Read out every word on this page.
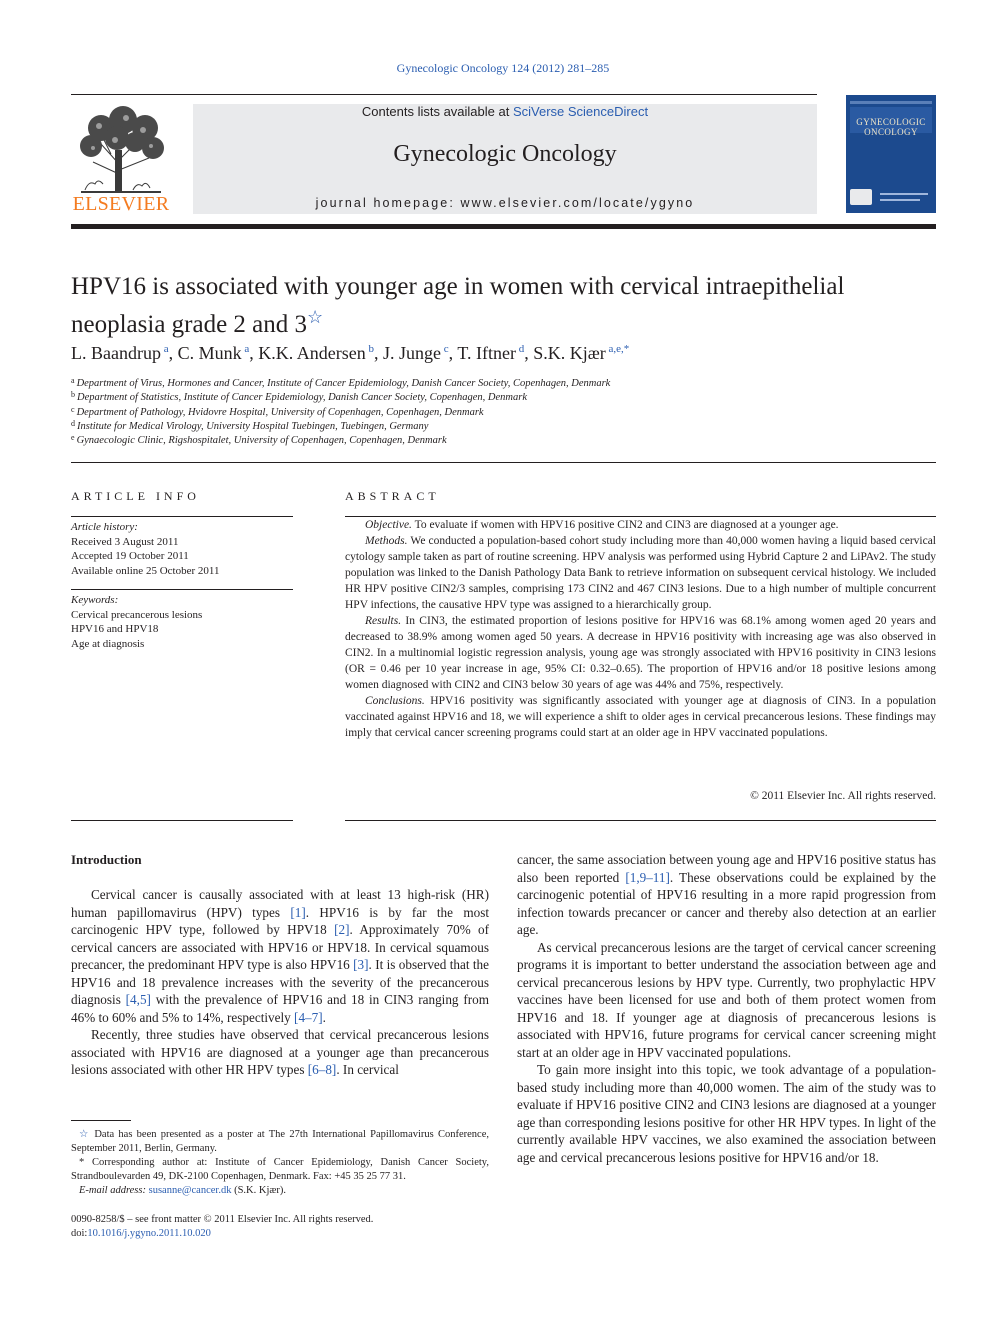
Gynecologic Oncology 124 (2012) 281–285
ELSEVIER
Contents lists available at SciVerse ScienceDirect
Gynecologic Oncology
journal homepage: www.elsevier.com/locate/ygyno
GYNECOLOGIC
ONCOLOGY
HPV16 is associated with younger age in women with cervical intraepithelial
neoplasia grade 2 and 3☆
L. Baandrup $^a$, C. Munk $^a$, K.K. Andersen $^b$, J. Junge $^c$, T. Iftner $^d$, S.K. Kjær $^{a,e,*}$
$^a$ Department of Virus, Hormones and Cancer, Institute of Cancer Epidemiology, Danish Cancer Society, Copenhagen, Denmark
$^b$ Department of Statistics, Institute of Cancer Epidemiology, Danish Cancer Society, Copenhagen, Denmark
$^c$ Department of Pathology, Hvidovre Hospital, University of Copenhagen, Copenhagen, Denmark
$^d$ Institute for Medical Virology, University Hospital Tuebingen, Tuebingen, Germany
$^e$ Gynaecologic Clinic, Rigshospitalet, University of Copenhagen, Copenhagen, Denmark
ARTICLE INFO
Article history:
Received 3 August 2011
Accepted 19 October 2011
Available online 25 October 2011
Keywords:
Cervical precancerous lesions
HPV16 and HPV18
Age at diagnosis
ABSTRACT

Objective. To evaluate if women with HPV16 positive CIN2 and CIN3 are diagnosed at a younger age.

Methods. We conducted a population-based cohort study including more than 40,000 women having a liquid based cervical cytology sample taken as part of routine screening. HPV analysis was performed using Hybrid Capture 2 and LiPAv2. The study population was linked to the Danish Pathology Data Bank to retrieve information on subsequent cervical histology. We included HR HPV positive CIN2/3 samples, comprising 173 CIN2 and 467 CIN3 lesions. Due to a high number of multiple concurrent HPV infections, the causative HPV type was assigned to a hierarchically group.

Results. In CIN3, the estimated proportion of lesions positive for HPV16 was 68.1% among women aged 20 years and decreased to 38.9% among women aged 50 years. A decrease in HPV16 positivity with increasing age was also observed in CIN2. In a multinomial logistic regression analysis, young age was strongly associated with HPV16 positivity in CIN3 lesions (OR = 0.46 per 10 year increase in age, 95% CI: 0.32–0.65). The proportion of HPV16 and/or 18 positive lesions among women diagnosed with CIN2 and CIN3 below 30 years of age was 44% and 75%, respectively.

Conclusions. HPV16 positivity was significantly associated with younger age at diagnosis of CIN3. In a population vaccinated against HPV16 and 18, we will experience a shift to older ages in cervical precancerous lesions. These findings may imply that cervical cancer screening programs could start at an older age in HPV vaccinated populations.

© 2011 Elsevier Inc. All rights reserved.
Introduction

Cervical cancer is causally associated with at least 13 high-risk (HR) human papillomavirus (HPV) types [1]. HPV16 is by far the most carcinogenic HPV type, followed by HPV18 [2]. Approximately 70% of cervical cancers are associated with HPV16 or HPV18. In cervical squamous precancer, the predominant HPV type is also HPV16 [3]. It is observed that the HPV16 and 18 prevalence increases with the severity of the precancerous diagnosis [4,5] with the prevalence of HPV16 and 18 in CIN3 ranging from 46% to 60% and 5% to 14%, respectively [4–7].

Recently, three studies have observed that cervical precancerous lesions associated with HPV16 are diagnosed at a younger age than precancerous lesions associated with other HR HPV types [6–8]. In cervical

cancer, the same association between young age and HPV16 positive status has also been reported [1,9–11]. These observations could be explained by the carcinogenic potential of HPV16 resulting in a more rapid progression from infection towards precancer or cancer and thereby also detection at an earlier age.

As cervical precancerous lesions are the target of cervical cancer screening programs it is important to better understand the association between age and cervical precancerous lesions by HPV type. Currently, two prophylactic HPV vaccines have been licensed for use and both of them protect women from HPV16 and 18. If younger age at diagnosis of precancerous lesions is associated with HPV16, future programs for cervical cancer screening might start at an older age in HPV vaccinated populations.

To gain more insight into this topic, we took advantage of a population-based study including more than 40,000 women. The aim of the study was to evaluate if HPV16 positive CIN2 and CIN3 lesions are diagnosed at a younger age than corresponding lesions positive for other HR HPV types. In light of the currently available HPV vaccines, we also examined the association between age and cervical precancerous lesions positive for HPV16 and/or 18.

☆ Data has been presented as a poster at The 27th International Papillomavirus Conference, September 2011, Berlin, Germany.

* Corresponding author at: Institute of Cancer Epidemiology, Danish Cancer Society, Strandboulevarden 49, DK-2100 Copenhagen, Denmark. Fax: +45 35 25 77 31.

E-mail address: susanne@cancer.dk (S.K. Kjær).

0090-8258/$ – see front matter © 2011 Elsevier Inc. All rights reserved.
doi:10.1016/j.ygyno.2011.10.020
